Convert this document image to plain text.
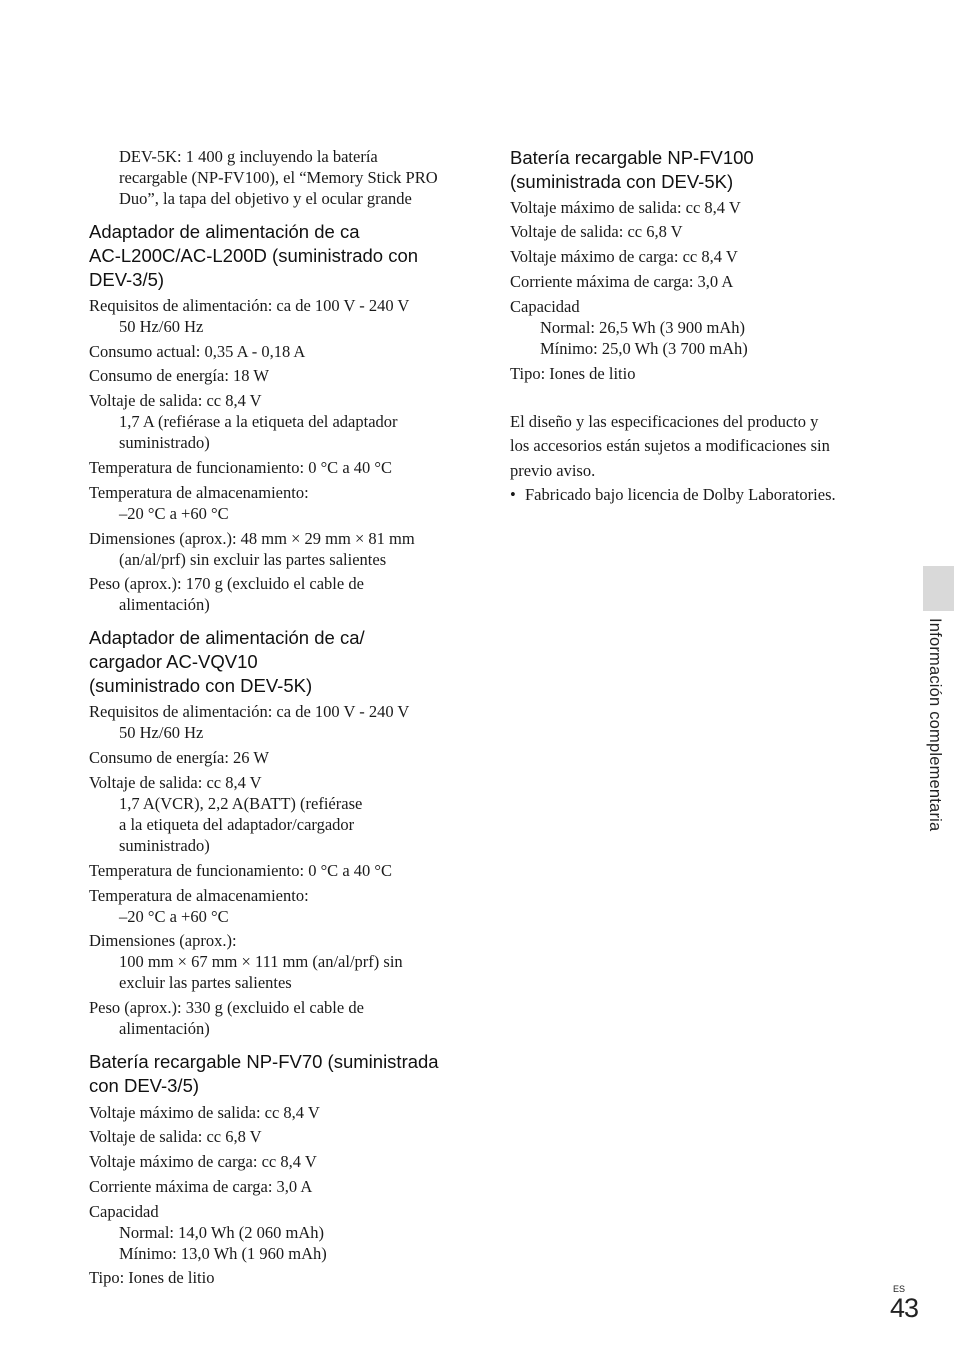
DEV-5K: 1 400 g incluyendo la batería
recargable (NP-FV100), el “Memory Stick PRO
Duo”, la tapa del objetivo y el ocular grande
Adaptador de alimentación de ca
AC-L200C/AC-L200D (suministrado con
DEV-3/5)
Requisitos de alimentación: ca de 100 V - 240 V
50 Hz/60 Hz
Consumo actual: 0,35 A - 0,18 A
Consumo de energía: 18 W
Voltaje de salida: cc 8,4 V
1,7 A (refiérase a la etiqueta del adaptador
suministrado)
Temperatura de funcionamiento: 0 °C a 40 °C
Temperatura de almacenamiento:
–20 °C a +60 °C
Dimensiones (aprox.): 48 mm × 29 mm × 81 mm
(an/al/prf) sin excluir las partes salientes
Peso (aprox.): 170 g (excluido el cable de
alimentación)
Adaptador de alimentación de ca/
cargador AC-VQV10
(suministrado con DEV-5K)
Requisitos de alimentación: ca de 100 V - 240 V
50 Hz/60 Hz
Consumo de energía: 26 W
Voltaje de salida: cc 8,4 V
1,7 A(VCR), 2,2 A(BATT) (refiérase
a la etiqueta del adaptador/cargador
suministrado)
Temperatura de funcionamiento: 0 °C a 40 °C
Temperatura de almacenamiento:
–20 °C a +60 °C
Dimensiones (aprox.):
100 mm × 67 mm × 111 mm (an/al/prf) sin
excluir las partes salientes
Peso (aprox.): 330 g (excluido el cable de
alimentación)
Batería recargable NP-FV70 (suministrada
con DEV-3/5)
Voltaje máximo de salida: cc 8,4 V
Voltaje de salida: cc 6,8 V
Voltaje máximo de carga: cc 8,4 V
Corriente máxima de carga: 3,0 A
Capacidad
Normal: 14,0 Wh (2 060 mAh)
Mínimo: 13,0 Wh (1 960 mAh)
Tipo: Iones de litio
Batería recargable NP-FV100
(suministrada con DEV-5K)
Voltaje máximo de salida: cc 8,4 V
Voltaje de salida: cc 6,8 V
Voltaje máximo de carga: cc 8,4 V
Corriente máxima de carga: 3,0 A
Capacidad
Normal: 26,5 Wh (3 900 mAh)
Mínimo: 25,0 Wh (3 700 mAh)
Tipo: Iones de litio
El diseño y las especificaciones del producto y
los accesorios están sujetos a modificaciones sin
previo aviso.
• Fabricado bajo licencia de Dolby Laboratories.
Información complementaria
ES
43
